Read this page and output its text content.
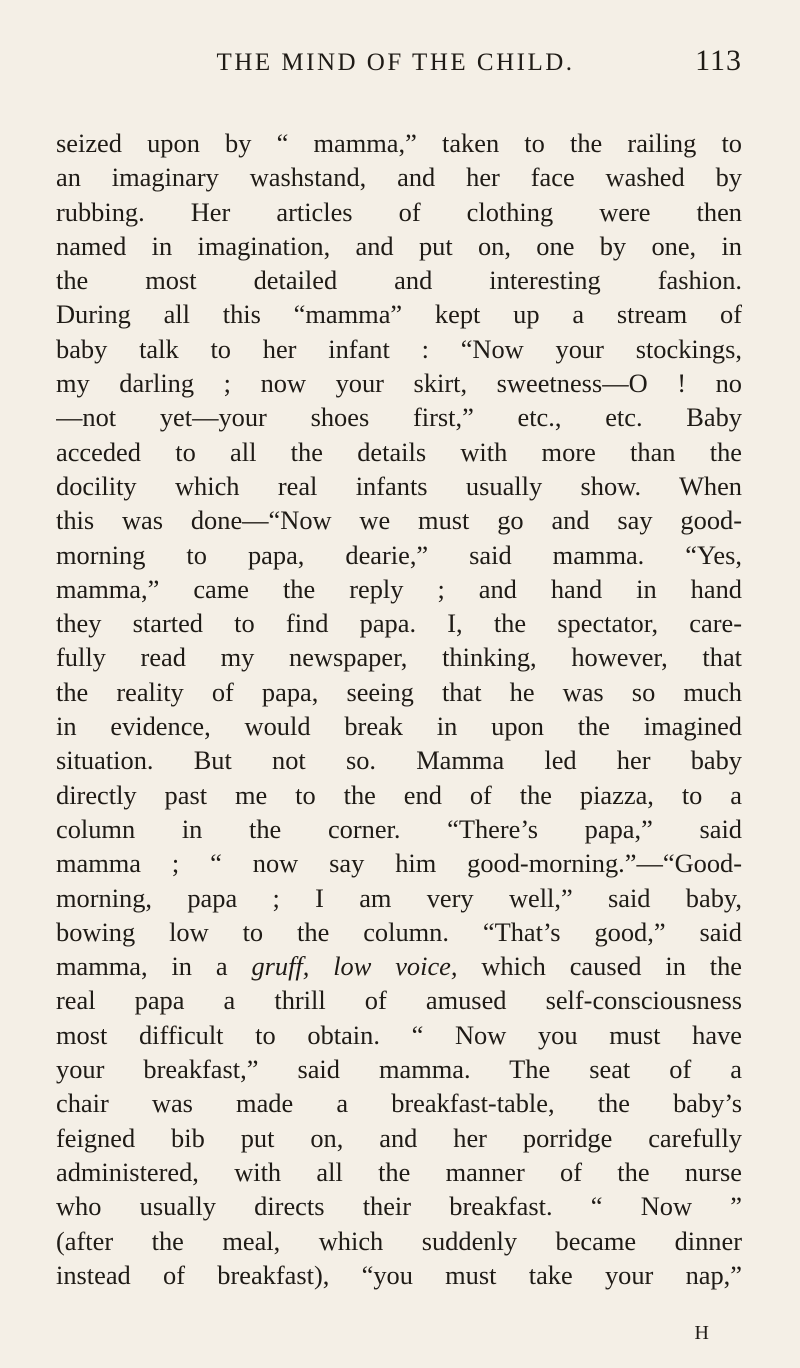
THE MIND OF THE CHILD.	113

seized upon by “ mamma,” taken to the railing to

an imaginary washstand, and her face washed by

rubbing. Her articles of clothing were then

named in imagination, and put on, one by one, in

the most detailed and interesting fashion.

During all this “mamma” kept up a stream of

baby talk to her infant : “Now your stockings,

my darling ; now your skirt, sweetness—O ! no

—not yet—your shoes first,” etc., etc. Baby

acceded to all the details with more than the

docility which real infants usually show. When

this was done—“Now we must go and say good-

morning to papa, dearie,” said mamma. “Yes,

mamma,” came the reply ; and hand in hand

they started to find papa. I, the spectator, care-

fully read my newspaper, thinking, however, that

the reality of papa, seeing that he was so much

in evidence, would break in upon the imagined

situation. But not so. Mamma led her baby

directly past me to the end of the piazza, to a

column in the corner. “There’s papa,” said

mamma ; “ now say him good-morning.”—“Good-

morning, papa ; I am very well,” said baby,

bowing low to the column. “That’s good,” said

mamma, in a gruff, low voice, which caused in the

real papa a thrill of amused self-consciousness

most difficult to obtain. “ Now you must have

your breakfast,” said mamma. The seat of a

chair was made a breakfast-table, the baby’s

feigned bib put on, and her porridge carefully

administered, with all the manner of the nurse

who usually directs their breakfast. “ Now ”

(after the meal, which suddenly became dinner

instead of breakfast), “you must take your nap,”

H
